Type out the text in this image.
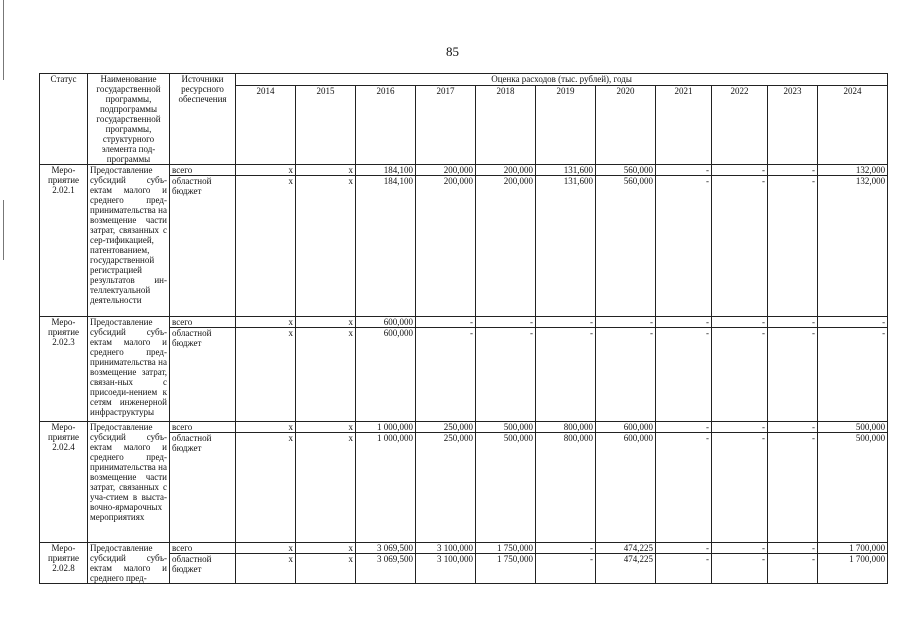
85
Статус	Наименование государственной программы, подпрограммы государственной программы, структурного элемента под-программы	Источники ресурсного обеспечения	Оценка расходов (тыс. рублей), годы										
			2014	2015	2016	2017	2018	2019	2020	2021	2022	2023	2024
Меро-приятие 2.02.1	Предоставление субсидий субъ-ектам малого и среднего пред-принимательства на возмещение части затрат, связанных с сер-тификацией, патентованием, государственной регистрацией результатов ин-теллектуальной деятельности	всего	x	x	184,100	200,000	200,000	131,600	560,000	-	-	-	132,000
		областной бюджет	x	x	184,100	200,000	200,000	131,600	560,000	-	-	-	132,000
Меро-приятие 2.02.3	Предоставление субсидий субъ-ектам малого и среднего пред-принимательства на возмещение затрат, связан-ных с присоеди-нением к сетям инженерной инфраструктуры	всего	x	x	600,000	-	-	-	-	-	-	-	-
		областной бюджет	x	x	600,000	-	-	-	-	-	-	-	-
Меро-приятие 2.02.4	Предоставление субсидий субъ-ектам малого и среднего пред-принимательства на возмещение части затрат, связанных с уча-стием в выста-вочно-ярмарочных мероприятиях	всего	x	x	1 000,000	250,000	500,000	800,000	600,000	-	-	-	500,000
		областной бюджет	x	x	1 000,000	250,000	500,000	800,000	600,000	-	-	-	500,000
Меро-приятие 2.02.8	Предоставление субсидий субъ-ектам малого и среднего пред-	всего	x	x	3 069,500	3 100,000	1 750,000	-	474,225	-	-	-	1 700,000
		областной бюджет	x	x	3 069,500	3 100,000	1 750,000	-	474,225	-	-	-	1 700,000
